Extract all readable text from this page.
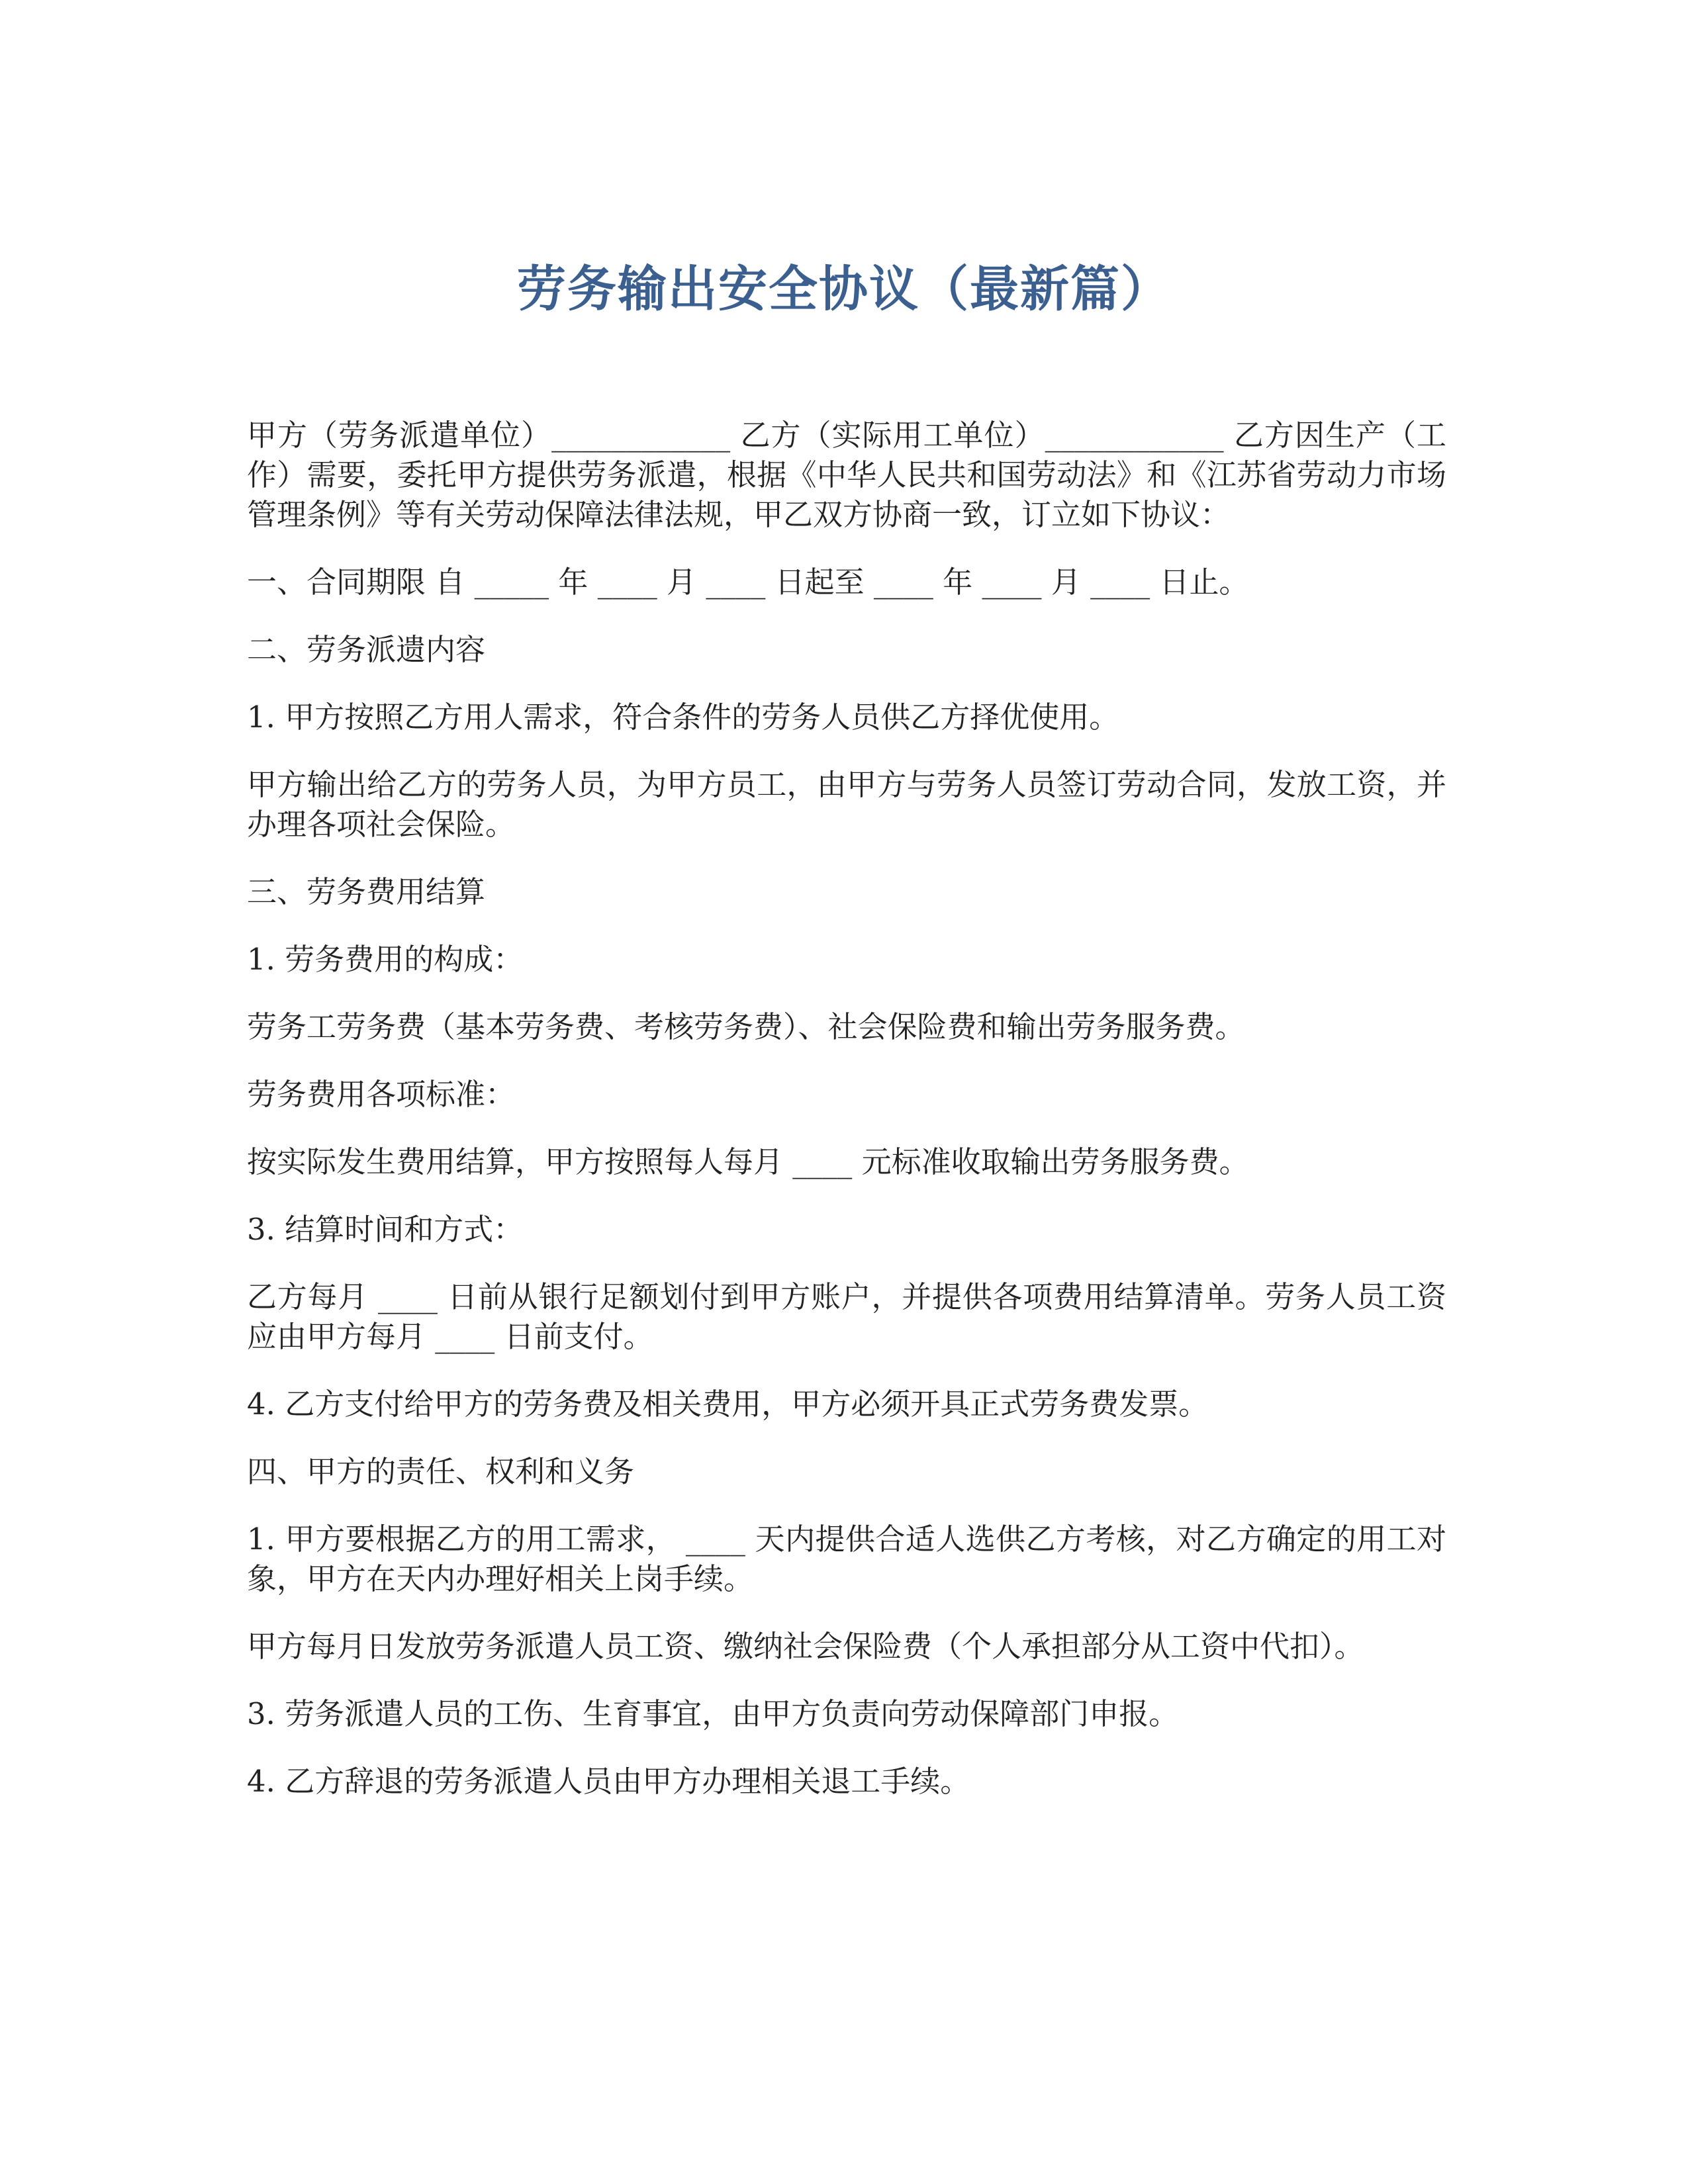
劳务输出安全协议（最新篇）

甲方（劳务派遣单位）____________ 乙方（实际用工单位）____________ 乙方因生产（工作）需要，委托甲方提供劳务派遣，根据《中华人民共和国劳动法》和《江苏省劳动力市场管理条例》等有关劳动保障法律法规，甲乙双方协商一致，订立如下协议：

一、合同期限 自 _____ 年 ____ 月 ____ 日起至 ____ 年 ____ 月 ____ 日止。

二、劳务派遗内容

1. 甲方按照乙方用人需求，符合条件的劳务人员供乙方择优使用。

甲方输出给乙方的劳务人员，为甲方员工，由甲方与劳务人员签订劳动合同，发放工资，并办理各项社会保险。

三、劳务费用结算

1. 劳务费用的构成：

劳务工劳务费（基本劳务费、考核劳务费）、社会保险费和输出劳务服务费。

劳务费用各项标准：

按实际发生费用结算，甲方按照每人每月 ____ 元标准收取输出劳务服务费。

3. 结算时间和方式：

乙方每月 ____ 日前从银行足额划付到甲方账户，并提供各项费用结算清单。劳务人员工资应由甲方每月 ____ 日前支付。

4. 乙方支付给甲方的劳务费及相关费用，甲方必须开具正式劳务费发票。

四、甲方的责任、权利和义务

1. 甲方要根据乙方的用工需求， ____ 天内提供合适人选供乙方考核，对乙方确定的用工对象，甲方在天内办理好相关上岗手续。

甲方每月日发放劳务派遣人员工资、缴纳社会保险费（个人承担部分从工资中代扣）。

3. 劳务派遣人员的工伤、生育事宜，由甲方负责向劳动保障部门申报。

4. 乙方辞退的劳务派遣人员由甲方办理相关退工手续。
